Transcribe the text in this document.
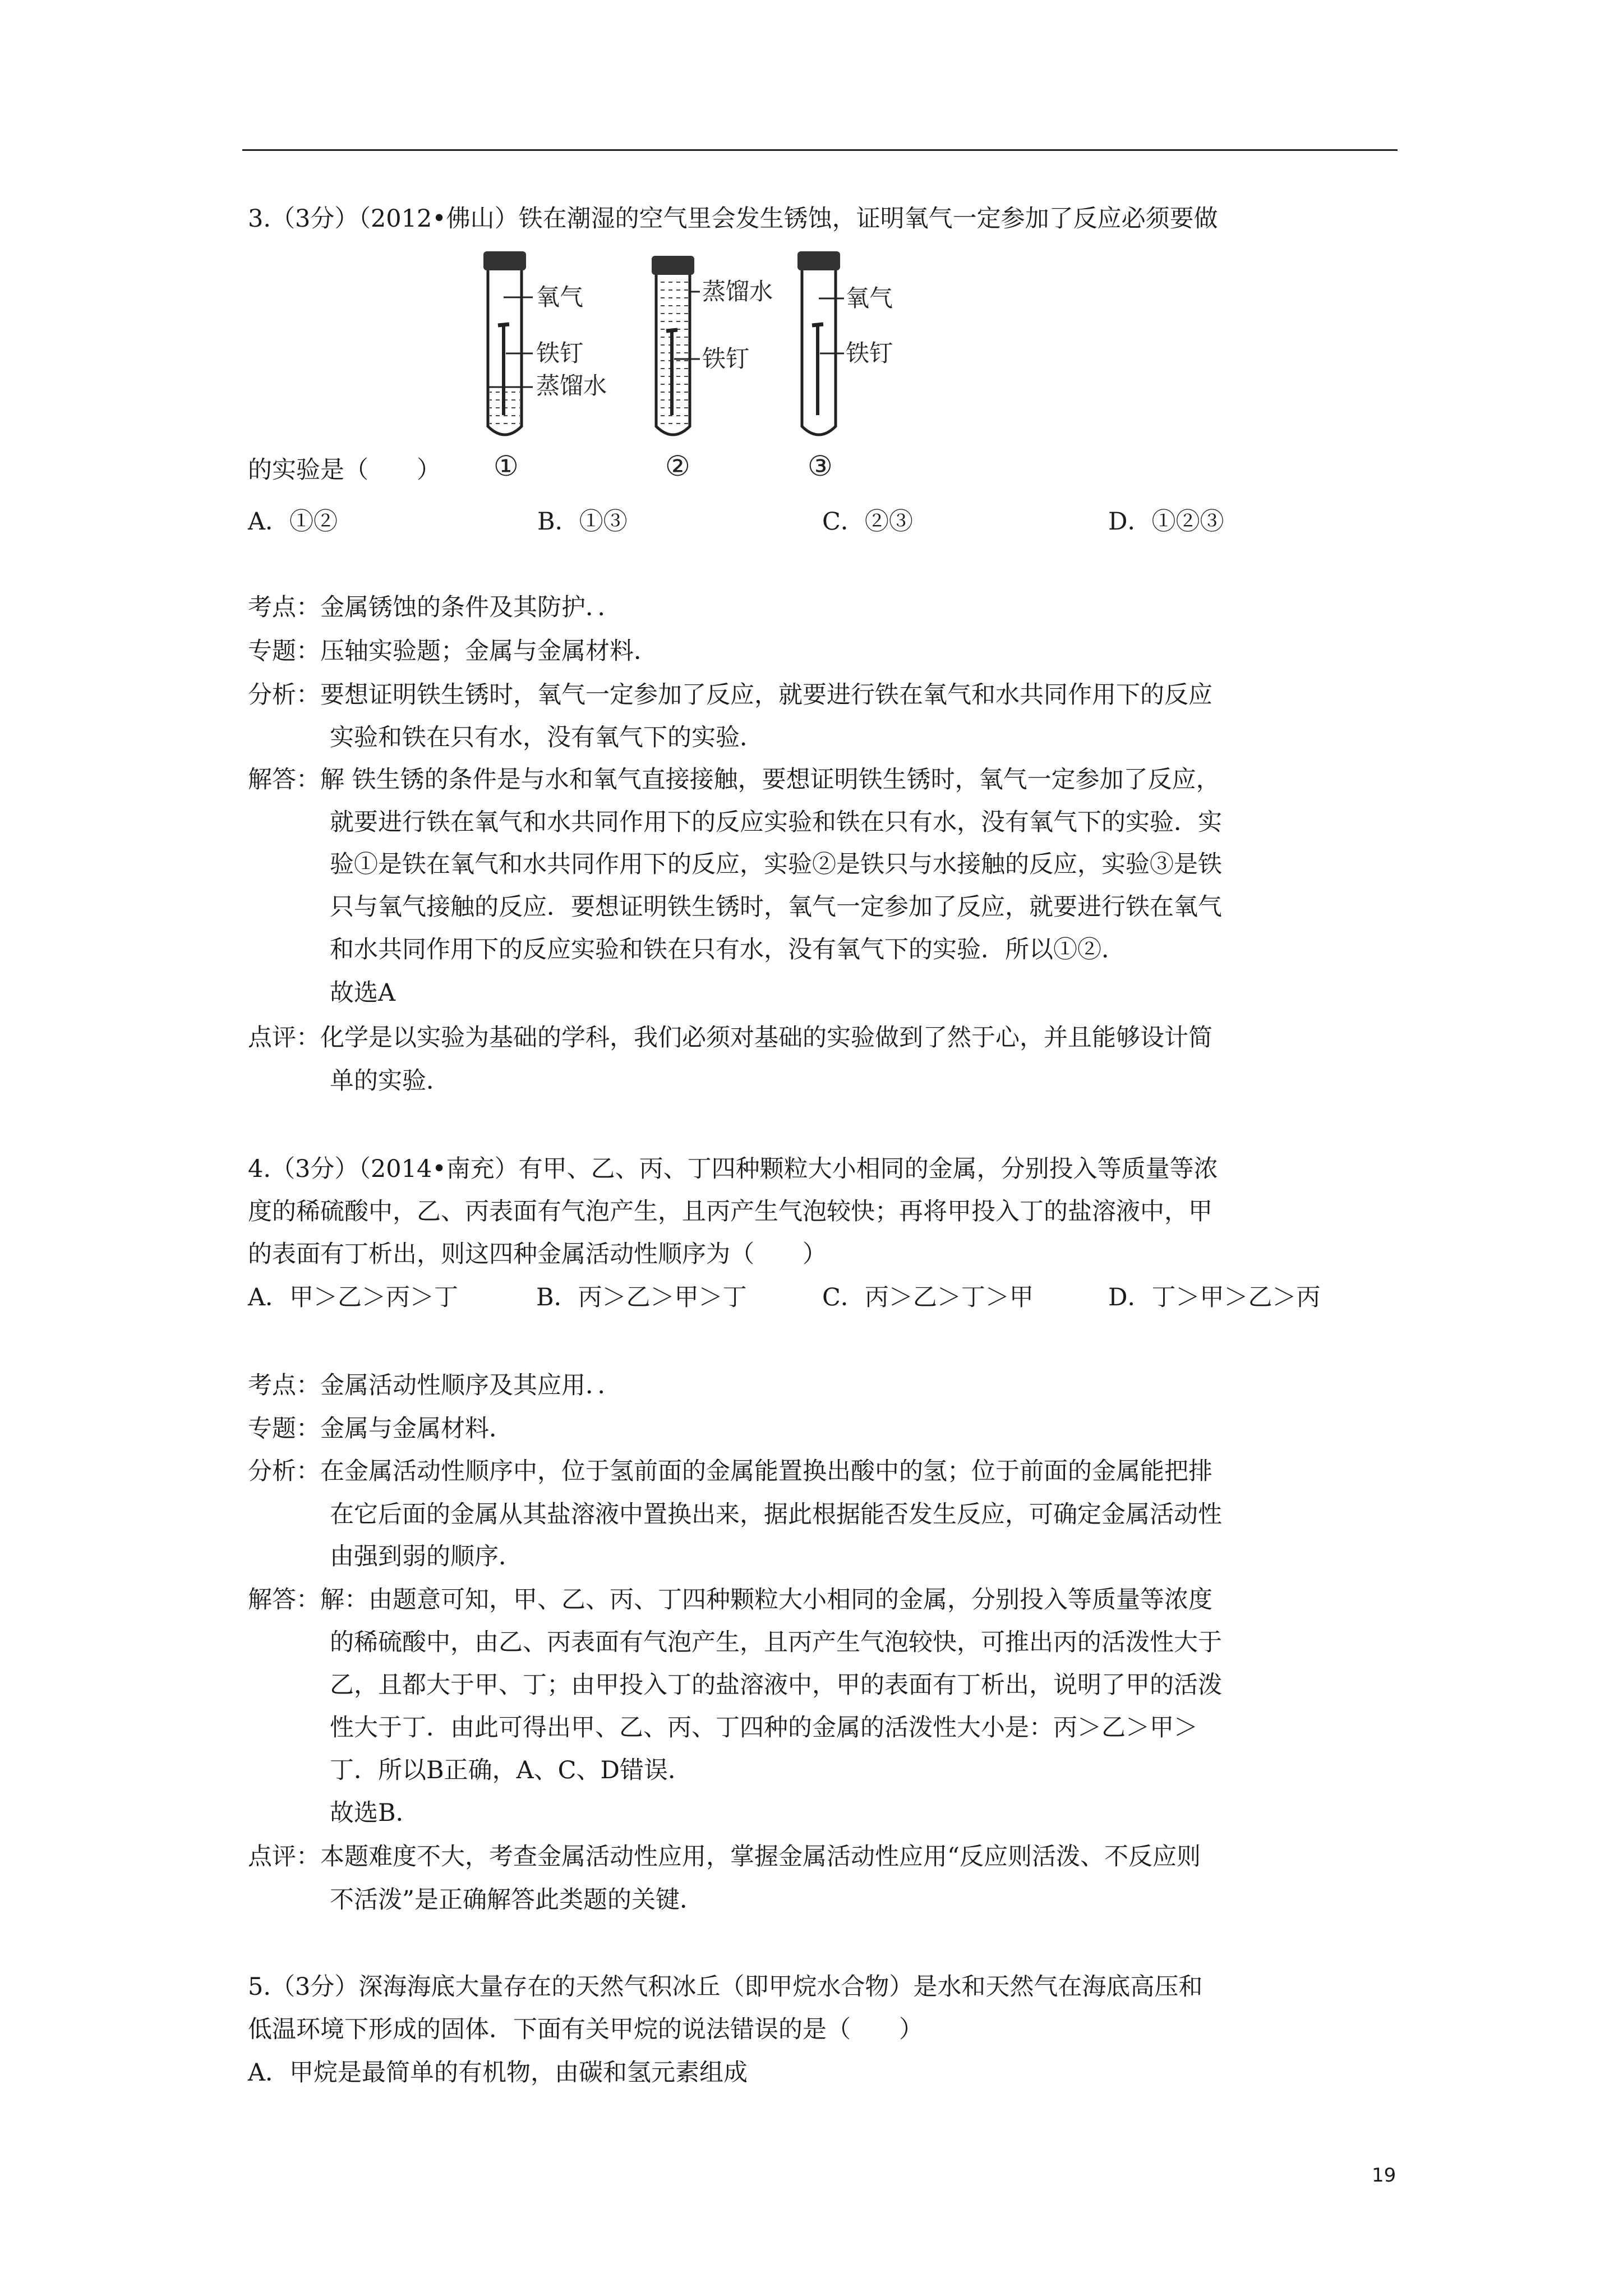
3.（3分）（2012•佛山）铁在潮湿的空气里会发生锈蚀，证明氧气一定参加了反应必须要做
氧气
铁钉
蒸馏水
蒸馏水
铁钉
氧气
铁钉
①	②	③
的实验是（　　）
A．①②	B．①③	C．②③	D．①②③
考点：金属锈蚀的条件及其防护．．
专题：压轴实验题；金属与金属材料．
分析：要想证明铁生锈时，氧气一定参加了反应，就要进行铁在氧气和水共同作用下的反应
实验和铁在只有水，没有氧气下的实验．
解答：解 铁生锈的条件是与水和氧气直接接触，要想证明铁生锈时，氧气一定参加了反应，
就要进行铁在氧气和水共同作用下的反应实验和铁在只有水，没有氧气下的实验．实
验①是铁在氧气和水共同作用下的反应，实验②是铁只与水接触的反应，实验③是铁
只与氧气接触的反应．要想证明铁生锈时，氧气一定参加了反应，就要进行铁在氧气
和水共同作用下的反应实验和铁在只有水，没有氧气下的实验．所以①②．
故选A
点评：化学是以实验为基础的学科，我们必须对基础的实验做到了然于心，并且能够设计简
单的实验．
4.（3分）（2014•南充）有甲、乙、丙、丁四种颗粒大小相同的金属，分别投入等质量等浓
度的稀硫酸中，乙、丙表面有气泡产生，且丙产生气泡较快；再将甲投入丁的盐溶液中，甲
的表面有丁析出，则这四种金属活动性顺序为（　　）
A．甲＞乙＞丙＞丁	B．丙＞乙＞甲＞丁	C．丙＞乙＞丁＞甲	D．丁＞甲＞乙＞丙
考点：金属活动性顺序及其应用．．
专题：金属与金属材料．
分析：在金属活动性顺序中，位于氢前面的金属能置换出酸中的氢；位于前面的金属能把排
在它后面的金属从其盐溶液中置换出来，据此根据能否发生反应，可确定金属活动性
由强到弱的顺序．
解答：解：由题意可知，甲、乙、丙、丁四种颗粒大小相同的金属，分别投入等质量等浓度
的稀硫酸中，由乙、丙表面有气泡产生，且丙产生气泡较快，可推出丙的活泼性大于
乙，且都大于甲、丁；由甲投入丁的盐溶液中，甲的表面有丁析出，说明了甲的活泼
性大于丁．由此可得出甲、乙、丙、丁四种的金属的活泼性大小是：丙＞乙＞甲＞
丁．所以B正确，A、C、D错误．
故选B．
点评：本题难度不大，考查金属活动性应用，掌握金属活动性应用“反应则活泼、不反应则
不活泼”是正确解答此类题的关键．
5.（3分）深海海底大量存在的天然气积冰丘（即甲烷水合物）是水和天然气在海底高压和
低温环境下形成的固体．下面有关甲烷的说法错误的是（　　）
A．甲烷是最简单的有机物，由碳和氢元素组成
19
